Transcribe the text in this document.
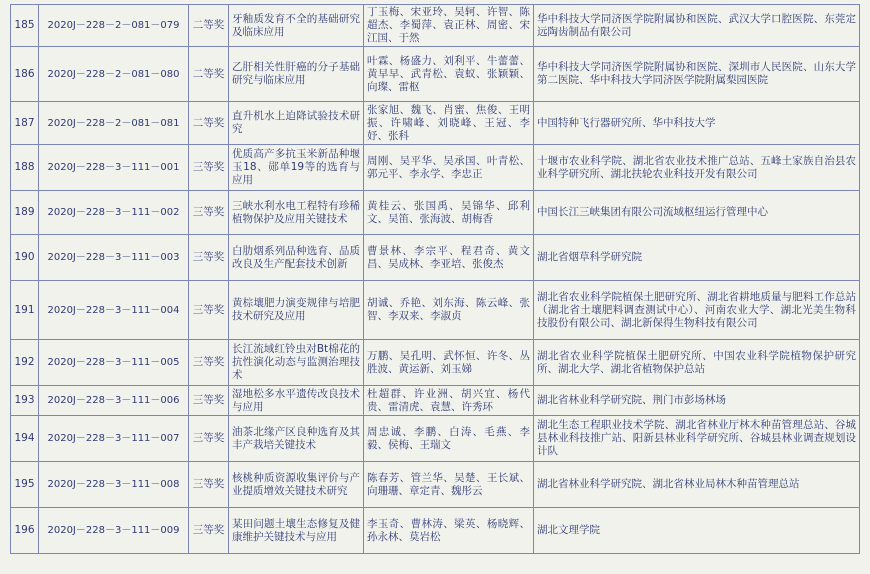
185	2020J－228－2－081－079	二等奖	牙釉质发育不全的基础研究及临床应用	丁玉梅、宋亚玲、吴轲、许智、陈超杰、李蜀萍、袁正林、周密、宋江国、于然	华中科技大学同济医学院附属协和医院、武汉大学口腔医院、东莞定远陶齿制品有限公司
186	2020J－228－2－081－080	二等奖	乙肝相关性肝癌的分子基础研究与临床应用	叶霖、杨盛力、刘利平、牛蕾蕾、黄早早、武青松、袁蚁、张颖颖、向璨、雷枢	华中科技大学同济医学院附属协和医院、深圳市人民医院、山东大学第二医院、华中科技大学同济医学院附属梨园医院
187	2020J－228－2－081－081	二等奖	直升机水上迫降试验技术研究	张家旭、魏飞、肖蜜、焦俊、王明振、许啸峰、刘晓峰、王冠、李妤、张科	中国特种飞行器研究所、华中科技大学
188	2020J－228－3－111－001	三等奖	优质高产多抗玉米新品种堰玉18、郧单19等的选育与应用	周刚、吴平华、吴承国、叶青松、郭元平、李永学、李忠正	十堰市农业科学院、湖北省农业技术推广总站、五峰土家族自治县农业科学研究所、湖北扶轮农业科技开发有限公司
189	2020J－228－3－111－002	三等奖	三峡水利水电工程特有珍稀植物保护及应用关键技术	黄桂云、张国禹、吴锦华、邱利文、吴笛、张海波、胡梅香	中国长江三峡集团有限公司流域枢纽运行管理中心
190	2020J－228－3－111－003	三等奖	白肋烟系列品种选育、品质改良及生产配套技术创新	曹景林、李宗平、程君奇、黄文昌、吴成林、李亚培、张俊杰	湖北省烟草科学研究院
191	2020J－228－3－111－004	三等奖	黄棕壤肥力演变规律与培肥技术研究及应用	胡诚、乔艳、刘东海、陈云峰、张智、李双来、李淑贞	湖北省农业科学院植保土肥研究所、湖北省耕地质量与肥料工作总站（湖北省土壤肥料调查测试中心）、河南农业大学、湖北光美生物科技股份有限公司、湖北新保得生物科技有限公司
192	2020J－228－3－111－005	三等奖	长江流域红铃虫对Bt棉花的抗性演化动态与监测治理技术	万鹏、吴孔明、武怀恒、许冬、丛胜波、黄运新、刘玉娣	湖北省农业科学院植保土肥研究所、中国农业科学院植物保护研究所、湖北大学、湖北省植物保护总站
193	2020J－228－3－111－006	三等奖	湿地松多水平遗传改良技术与应用	杜超群、许业洲、胡兴宜、杨代贵、雷清虎、袁慧、许秀环	湖北省林业科学研究院、荆门市彭场林场
194	2020J－228－3－111－007	三等奖	油茶北缘产区良种选育及其丰产栽培关键技术	周忠诚、李鹏、白涛、毛燕、李毅、侯梅、王瑞文	湖北生态工程职业技术学院、湖北省林业厅林木种苗管理总站、谷城县林业科技推广站、阳新县林业科学研究所、谷城县林业调查规划设计队
195	2020J－228－3－111－008	三等奖	核桃种质资源收集评价与产业提质增效关键技术研究	陈春芳、管兰华、吴楚、王长斌、向珊珊、章定青、魏彤云	湖北省林业科学研究院、湖北省林业局林木种苗管理总站
196	2020J－228－3－111－009	三等奖	某田问题土壤生态修复及健康维护关键技术与应用	李玉奇、曹林涛、梁英、杨晓辉、孙永林、莫岩松	湖北文理学院
